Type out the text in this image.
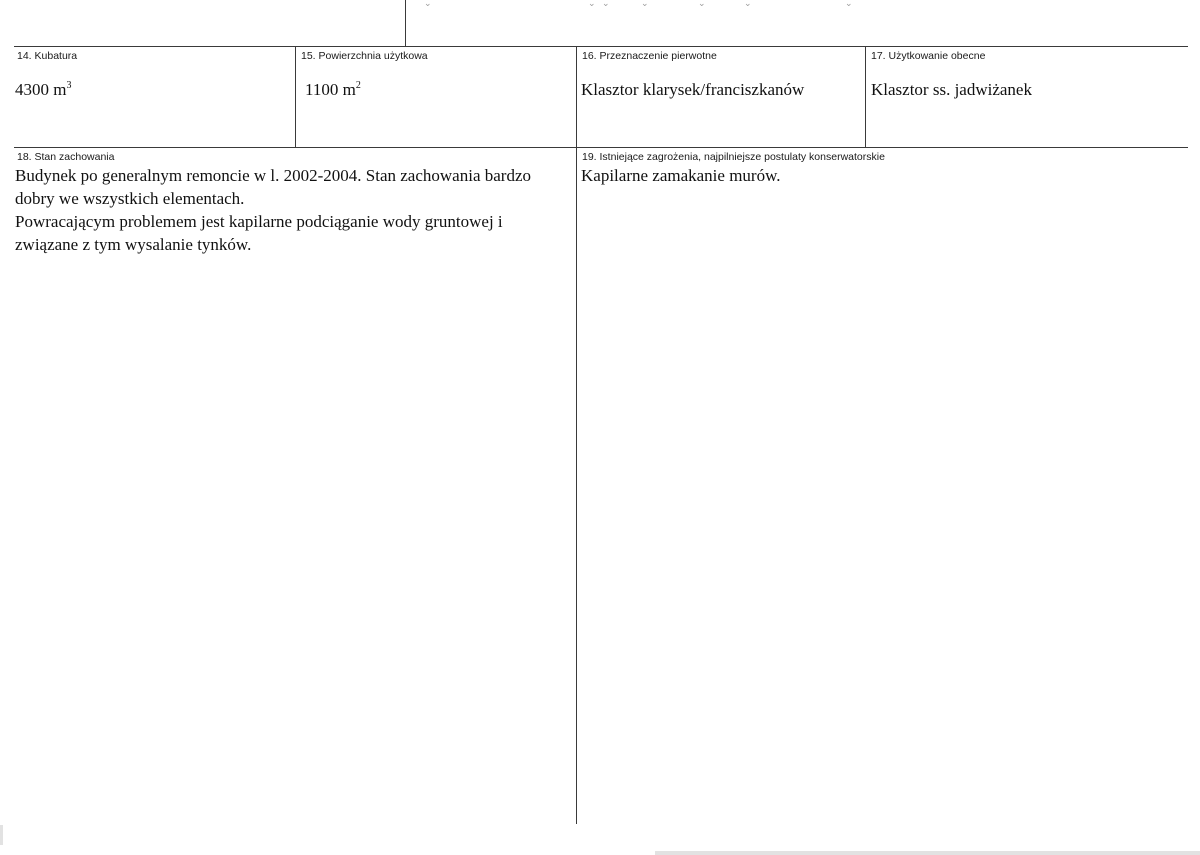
⌄	⌄ ⌄	⌄	⌄	⌄	⌄
14. Kubatura
4300 $m^3$
15. Powierzchnia użytkowa
1100 $m^2$
16. Przeznaczenie pierwotne
Klasztor klarysek/franciszkanów
17. Użytkowanie obecne
Klasztor ss. jadwiżanek
18. Stan zachowania
Budynek po generalnym remoncie w l. 2002-2004. Stan zachowania bardzo
dobry we wszystkich elementach.
Powracającym problemem jest kapilarne podciąganie wody gruntowej i
związane z tym wysalanie tynków.
19. Istniejące zagrożenia, najpilniejsze postulaty konserwatorskie
Kapilarne zamakanie murów.
